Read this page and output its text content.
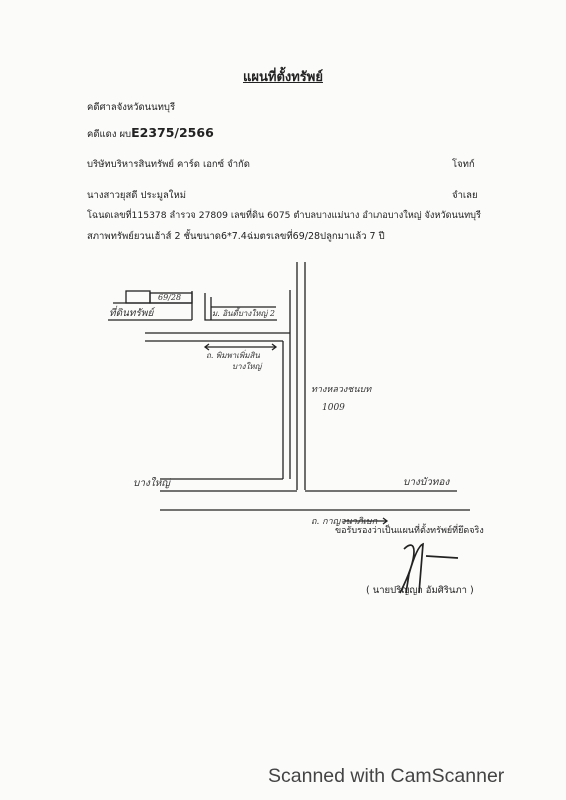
แผนที่ตั้งทรัพย์
คดีศาลจังหวัดนนทบุรี
คดีแดง ผบE2375/2566
บริษัทบริหารสินทรัพย์ คาร์ด เอกซ์ จำกัด	โจทก์
นางสาวยุสดี ประมูลใหม่	จำเลย
โฉนดเลขที่115378 ลำรวจ 27809 เลขที่ดิน 6075 ตำบลบางแม่นาง อำเภอบางใหญ่ จังหวัดนนทบุรี
สภาพทรัพย์ยวนเฮ้าส์ 2 ชั้นขนาด6*7.4ฉ่มตรเลขที่69/28ปลูกมาแล้ว 7 ปี
ที่ดินทรัพย์
69/28
ม. อินดี้บางใหญ่ 2
ถ. พิมพาเพิ่มสิน
บางใหญ่
ทางหลวงชนบท
1009
บางใหญ่	บางบัวทอง
ถ. กาญจนาภิเษก
ขอรับรองว่าเป็นแผนที่ตั้งทรัพย์ที่ยึดจริง
( นายปริญญา อัมศิรินภา )
Scanned with CamScanner
